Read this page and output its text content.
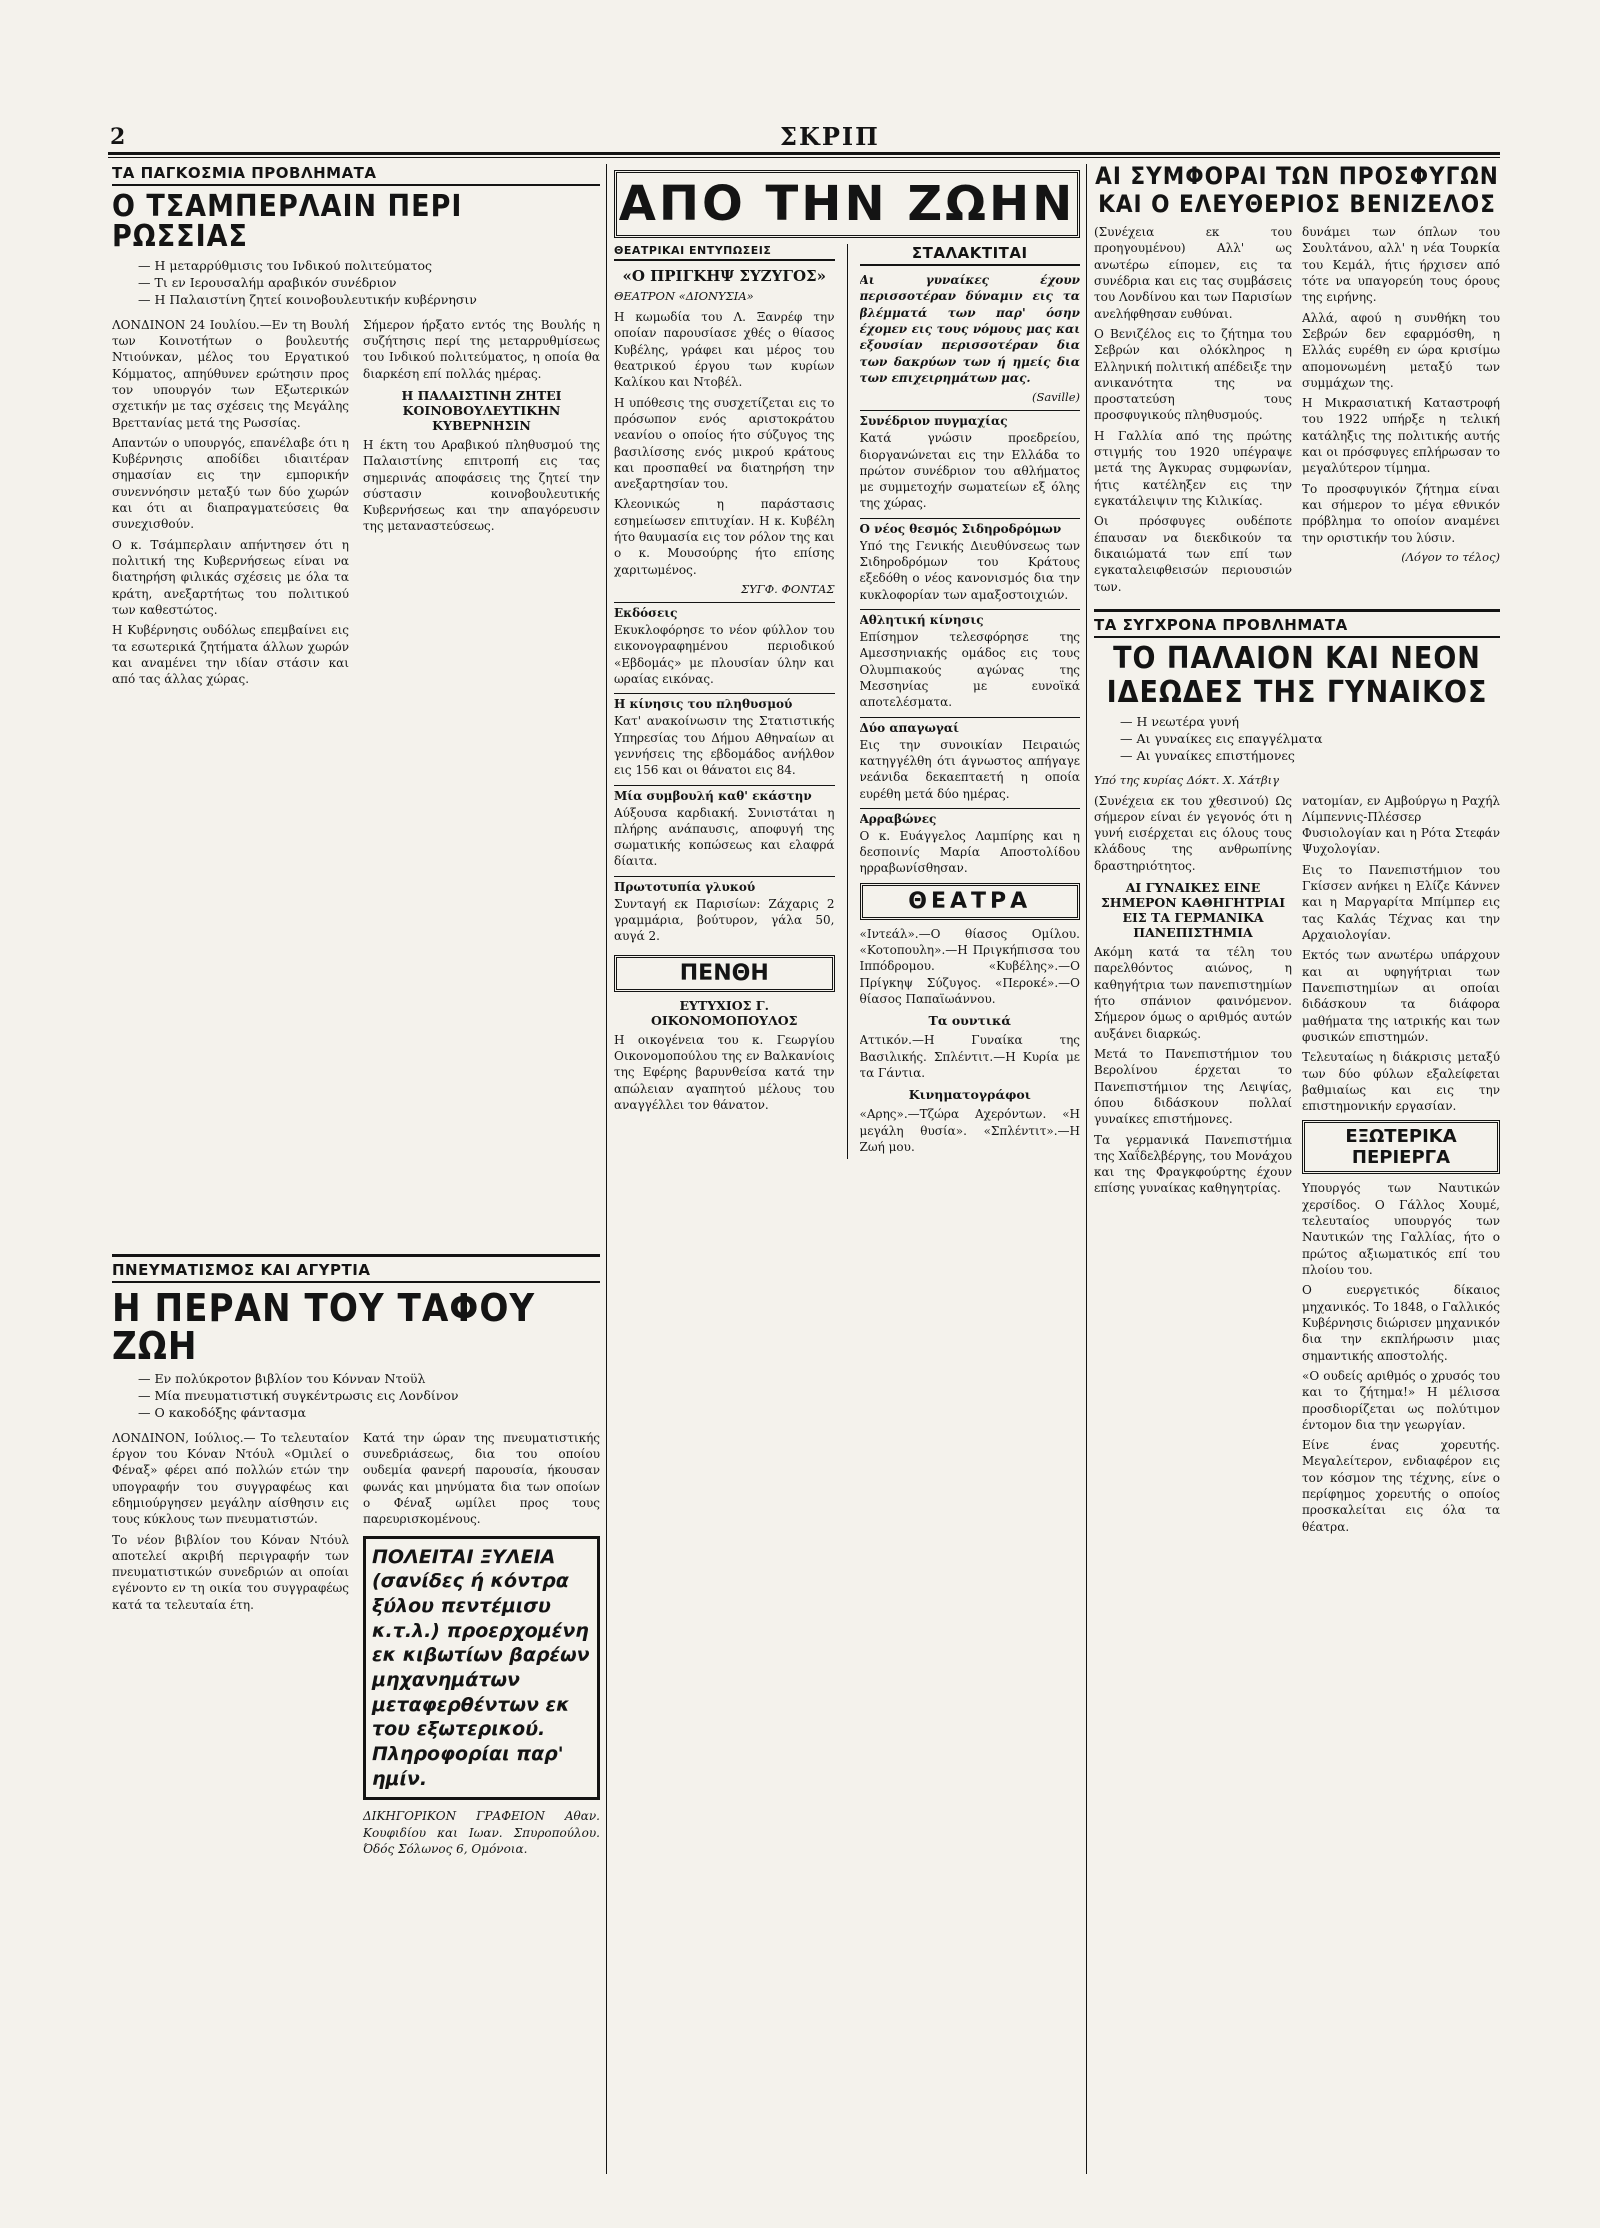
2	ΣΚΡΙΠ
ΤΑ ΠΑΓΚΟΣΜΙΑ ΠΡΟΒΛΗΜΑΤΑ
Ο ΤΣΑΜΠΕΡΛΑΙΝ ΠΕΡΙ ΡΩΣΣΙΑΣ
— Η μεταρρύθμισις του Ινδικού πολιτεύματος
— Τι εν Ιερουσαλήμ αραβικόν συνέδριον
— Η Παλαιστίνη ζητεί κοινοβουλευτικήν κυβέρνησιν

ΛΟΝΔΙΝΟΝ 24 Ιουλίου.—Εν τη Βουλή των Κοινοτήτων ο βουλευτής Ντιούνκαν, μέλος του Εργατικού Κόμματος, απηύθυνεν ερώτησιν προς τον υπουργόν των Εξωτερικών σχετικήν με τας σχέσεις της Μεγάλης Βρεττανίας μετά της Ρωσσίας.

Απαντών ο υπουργός, επανέλαβε ότι η Κυβέρνησις αποδίδει ιδιαιτέραν σημασίαν εις την εμπορικήν συνεννόησιν μεταξύ των δύο χωρών και ότι αι διαπραγματεύσεις θα συνεχισθούν.

Ο κ. Τσάμπερλαιν απήντησεν ότι η πολιτική της Κυβερνήσεως είναι να διατηρήση φιλικάς σχέσεις με όλα τα κράτη, ανεξαρτήτως του πολιτικού των καθεστώτος.

Η Κυβέρνησις ουδόλως επεμβαίνει εις τα εσωτερικά ζητήματα άλλων χωρών και αναμένει την ιδίαν στάσιν και από τας άλλας χώρας.

Σήμερον ήρξατο εντός της Βουλής η συζήτησις περί της μεταρρυθμίσεως του Ινδικού πολιτεύματος, η οποία θα διαρκέση επί πολλάς ημέρας.

Η ΠΑΛΑΙΣΤΙΝΗ ΖΗΤΕΙ ΚΟΙΝΟΒΟΥΛΕΥΤΙΚΗΝ ΚΥΒΕΡΝΗΣΙΝ

Η έκτη του Αραβικού πληθυσμού της Παλαιστίνης επιτροπή εις τας σημερινάς αποφάσεις της ζητεί την σύστασιν κοινοβουλευτικής Κυβερνήσεως και την απαγόρευσιν της μεταναστεύσεως.

ΠΝΕΥΜΑΤΙΣΜΟΣ ΚΑΙ ΑΓΥΡΤΙΑ
Η ΠΕΡΑΝ ΤΟΥ ΤΑΦΟΥ ΖΩΗ
— Εν πολύκροτον βιβλίον του Κόνναν Ντοϋλ
— Μία πνευματιστική συγκέντρωσις εις Λονδίνον
— Ο κακοδόξης φάντασμα

ΛΟΝΔΙΝΟΝ, Ιούλιος.— Το τελευταίον έργον του Κόναν Ντόυλ «Ομιλεί ο Φέναξ» φέρει από πολλών ετών την υπογραφήν του συγγραφέως και εδημιούργησεν μεγάλην αίσθησιν εις τους κύκλους των πνευματιστών.

Το νέον βιβλίον του Κόναν Ντόυλ αποτελεί ακριβή περιγραφήν των πνευματιστικών συνεδριών αι οποίαι εγένοντο εν τη οικία του συγγραφέως κατά τα τελευταία έτη.

Κατά την ώραν της πνευματιστικής συνεδριάσεως, δια του οποίου ουδεμία φανερή παρουσία, ήκουσαν φωνάς και μηνύματα δια των οποίων ο Φέναξ ωμίλει προς τους παρευρισκομένους.

ΠΟΛΕΙΤΑΙ ΞΥΛΕΙΑ (σανίδες ή κόντρα ξύλου πεντέμισυ κ.τ.λ.) προερχομένη εκ κιβωτίων βαρέων μηχανημάτων μεταφερθέντων εκ του εξωτερικού. Πληροφορίαι παρ' ημίν.

ΔΙΚΗΓΟΡΙΚΟΝ ΓΡΑΦΕΙΟΝ Αθαν. Κουφιδίου και Ιωαν. Σπυροπούλου. Όδός Σόλωνος 6, Ομόνοια.

ΑΠΟ ΤΗΝ ΖΩΗΝ
ΘΕΑΤΡΙΚΑΙ ΕΝΤΥΠΩΣΕΙΣ
«Ο ΠΡΙΓΚΗΨ ΣΥΖΥΓΟΣ»
ΘΕΑΤΡΟΝ «ΔΙΟΝΥΣΙΑ»

Η κωμωδία του Λ. Ξανρέφ την οποίαν παρουσίασε χθές ο θίασος Κυβέλης, γράφει και μέρος του θεατρικού έργου των κυρίων Καλίκου και Ντοβέλ.

Η υπόθεσις της συσχετίζεται εις το πρόσωπον ενός αριστοκράτου νεανίου ο οποίος ήτο σύζυγος της βασιλίσσης ενός μικρού κράτους και προσπαθεί να διατηρήση την ανεξαρτησίαν του.

Κλεονικώς η παράστασις εσημείωσεν επιτυχίαν. Η κ. Κυβέλη ήτο θαυμασία εις τον ρόλον της και ο κ. Μουσούρης ήτο επίσης χαριτωμένος.

ΣΥΓΦ. ΦΟΝΤΑΣ
Εκδόσεις

Εκυκλοφόρησε το νέον φύλλον του εικονογραφημένου περιοδικού «Εβδομάς» με πλουσίαν ύλην και ωραίας εικόνας.

Η κίνησις του πληθυσμού

Κατ' ανακοίνωσιν της Στατιστικής Υπηρεσίας του Δήμου Αθηναίων αι γεννήσεις της εβδομάδος ανήλθον εις 156 και οι θάνατοι εις 84.

Μία συμβουλή καθ' εκάστην

Αύξουσα καρδιακή. Συνιστάται η πλήρης ανάπαυσις, αποφυγή της σωματικής κοπώσεως και ελαφρά δίαιτα.

Πρωτοτυπία γλυκού

Συνταγή εκ Παρισίων: Ζάχαρις 2 γραμμάρια, βούτυρον, γάλα 50, αυγά 2.

ΠΕΝΘΗ
ΕΥΤΥΧΙΟΣ Γ. ΟΙΚΟΝΟΜΟΠΟΥΛΟΣ

Η οικογένεια του κ. Γεωργίου Οικονομοπούλου της εν Βαλκανίοις της Εφέρης βαρυνθείσα κατά την απώλειαν αγαπητού μέλους του αναγγέλλει τον θάνατον.

ΣΤΑΛΑΚΤΙΤΑΙ

Αι γυναίκες έχουν περισσοτέραν δύναμιν εις τα βλέμματά των παρ' όσην έχομεν εις τους νόμους μας και εξουσίαν περισσοτέραν δια των δακρύων των ή ημείς δια των επιχειρημάτων μας.

(Saville)
Συνέδριον πυγμαχίας

Κατά γνώσιν προεδρείου, διοργανώνεται εις την Ελλάδα το πρώτον συνέδριον του αθλήματος με συμμετοχήν σωματείων εξ όλης της χώρας.

Ο νέος θεσμός Σιδηροδρόμων

Υπό της Γενικής Διευθύνσεως των Σιδηροδρόμων του Κράτους εξεδόθη ο νέος κανονισμός δια την κυκλοφορίαν των αμαξοστοιχιών.

Αθλητική κίνησις

Επίσημον τελεσφόρησε της Αμεσσηνιακής ομάδος εις τους Ολυμπιακούς αγώνας της Μεσσηνίας με ευνοϊκά αποτελέσματα.

Δύο απαγωγαί

Εις την συνοικίαν Πειραιώς κατηγγέλθη ότι άγνωστος απήγαγε νεάνιδα δεκαεπταετή η οποία ευρέθη μετά δύο ημέρας.

Αρραβώνες

Ο κ. Ευάγγελος Λαμπίρης και η δεσποινίς Μαρία Αποστολίδου ηρραβωνίσθησαν.

ΘΕΑΤΡΑ

«Ιντεάλ».—Ο θίασος Ομίλου. «Κοτοπουλη».—Η Πριγκήπισσα του Ιππόδρομου. «Κυβέλης».—Ο Πρίγκηψ Σύζυγος. «Περοκέ».—Ο θίασος Παπαϊωάννου.

Τα ουντικά

Αττικόν.—Η Γυναίκα της Βασιλικής. Σπλέντιτ.—Η Κυρία με τα Γάντια.

Κινηματογράφοι

«Αρης».—Τζώρα Αχερόντων. «Η μεγάλη θυσία». «Σπλέντιτ».—Η Ζωή μου.

ΑΙ ΣΥΜΦΟΡΑΙ ΤΩΝ ΠΡΟΣΦΥΓΩΝ
ΚΑΙ Ο ΕΛΕΥΘΕΡΙΟΣ ΒΕΝΙΖΕΛΟΣ

(Συνέχεια εκ του προηγουμένου) Αλλ' ως ανωτέρω είπομεν, εις τα συνέδρια και εις τας συμβάσεις του Λονδίνου και των Παρισίων ανελήφθησαν ευθύναι.

Ο Βενιζέλος εις το ζήτημα του Σεβρών και ολόκληρος η Ελληνική πολιτική απέδειξε την ανικανότητα της να προστατεύση τους προσφυγικούς πληθυσμούς.

Η Γαλλία από της πρώτης στιγμής του 1920 υπέγραψε μετά της Άγκυρας συμφωνίαν, ήτις κατέληξεν εις την εγκατάλειψιν της Κιλικίας.

Οι πρόσφυγες ουδέποτε έπαυσαν να διεκδικούν τα δικαιώματά των επί των εγκαταλειφθεισών περιουσιών των.

δυνάμει των όπλων του Σουλτάνου, αλλ' η νέα Τουρκία του Κεμάλ, ήτις ήρχισεν από τότε να υπαγορεύη τους όρους της ειρήνης.

Αλλά, αφού η συνθήκη του Σεβρών δεν εφαρμόσθη, η Ελλάς ευρέθη εν ώρα κρισίμω απομονωμένη μεταξύ των συμμάχων της.

Η Μικρασιατική Καταστροφή του 1922 υπήρξε η τελική κατάληξις της πολιτικής αυτής και οι πρόσφυγες επλήρωσαν το μεγαλύτερον τίμημα.

Το προσφυγικόν ζήτημα είναι και σήμερον το μέγα εθνικόν πρόβλημα το οποίον αναμένει την οριστικήν του λύσιν.

(Λόγον το τέλος)
ΤΑ ΣΥΓΧΡΟΝΑ ΠΡΟΒΛΗΜΑΤΑ
ΤΟ ΠΑΛΑΙΟΝ ΚΑΙ ΝΕΟΝ
ΙΔΕΩΔΕΣ ΤΗΣ ΓΥΝΑΙΚΟΣ
— Η νεωτέρα γυνή
— Αι γυναίκες εις επαγγέλματα
— Αι γυναίκες επιστήμονες
Υπό της κυρίας Δόκτ. Χ. Χάτβιγ

(Συνέχεια εκ του χθεσινού) Ως σήμερον είναι έν γεγονός ότι η γυνή εισέρχεται εις όλους τους κλάδους της ανθρωπίνης δραστηριότητος.

ΑΙ ΓΥΝΑΙΚΕΣ ΕΙΝΕ ΣΗΜΕΡΟΝ ΚΑΘΗΓΗΤΡΙΑΙ ΕΙΣ ΤΑ ΓΕΡΜΑΝΙΚΑ ΠΑΝΕΠΙΣΤΗΜΙΑ

Ακόμη κατά τα τέλη του παρελθόντος αιώνος, η καθηγήτρια των πανεπιστημίων ήτο σπάνιον φαινόμενον. Σήμερον όμως ο αριθμός αυτών αυξάνει διαρκώς.

Μετά το Πανεπιστήμιον του Βερολίνου έρχεται το Πανεπιστήμιον της Λειψίας, όπου διδάσκουν πολλαί γυναίκες επιστήμονες.

Τα γερμανικά Πανεπιστήμια της Χαΐδελβέργης, του Μονάχου και της Φραγκφούρτης έχουν επίσης γυναίκας καθηγητρίας.

νατομίαν, εν Αμβούργω η Ραχήλ Λίμπεννις-Πλέσσερ Φυσιολογίαν και η Ρότα Στεφάν Ψυχολογίαν.

Εις το Πανεπιστήμιον του Γκίσσεν ανήκει η Ελίζε Κάννεν και η Μαργαρίτα Μπίμπερ εις τας Καλάς Τέχνας και την Αρχαιολογίαν.

Εκτός των ανωτέρω υπάρχουν και αι υφηγήτριαι των Πανεπιστημίων αι οποίαι διδάσκουν τα διάφορα μαθήματα της ιατρικής και των φυσικών επιστημών.

Τελευταίως η διάκρισις μεταξύ των δύο φύλων εξαλείφεται βαθμιαίως και εις την επιστημονικήν εργασίαν.

ΕΞΩΤΕΡΙΚΑ ΠΕΡΙΕΡΓΑ

Υπουργός των Ναυτικών χερσίδος. Ο Γάλλος Χουμέ, τελευταίος υπουργός των Ναυτικών της Γαλλίας, ήτο ο πρώτος αξιωματικός επί του πλοίου του.

Ο ευεργετικός δίκαιος μηχανικός. Το 1848, ο Γαλλικός Κυβέρνησις διώρισεν μηχανικόν δια την εκπλήρωσιν μιας σημαντικής αποστολής.

«Ο ουδείς αριθμός ο χρυσός του και το ζήτημα!» Η μέλισσα προσδιορίζεται ως πολύτιμον έντομον δια την γεωργίαν.

Είνε ένας χορευτής. Μεγαλείτερον, ενδιαφέρον εις τον κόσμον της τέχνης, είνε ο περίφημος χορευτής ο οποίος προσκαλείται εις όλα τα θέατρα.
